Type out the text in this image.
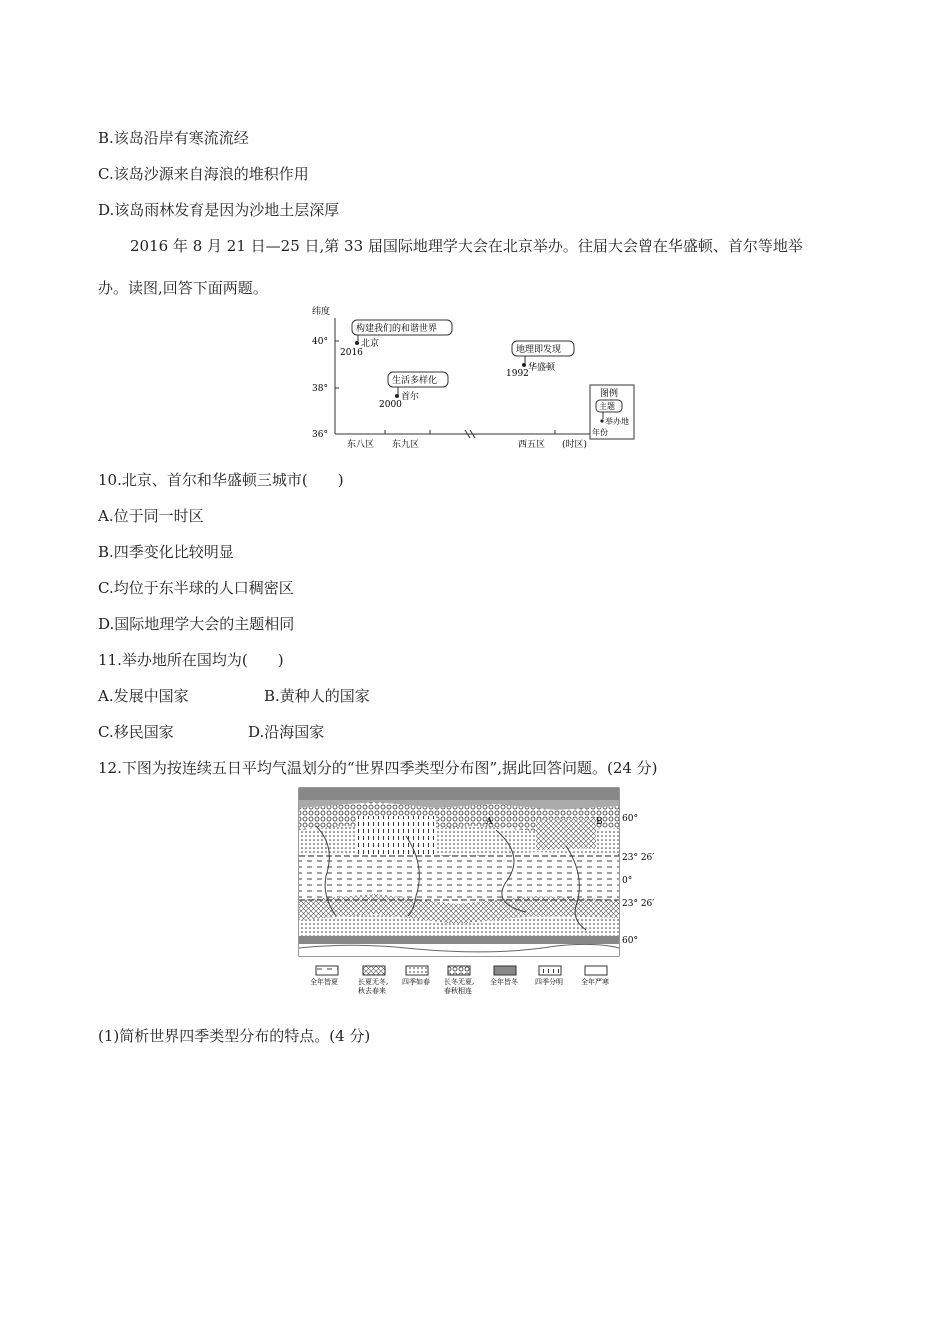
B.该岛沿岸有寒流流经
C.该岛沙源来自海浪的堆积作用
D.该岛雨林发育是因为沙地土层深厚
2016 年 8 月 21 日—25 日,第 33 届国际地理学大会在北京举办。往届大会曾在华盛顿、首尔等地举
办。读图,回答下面两题。
纬度
40°
38°
36°
东八区 东九区	西五区 (时区)
构建我们的和谐世界
北京
2016
生活多样化
首尔
2000
地理即发现
华盛顿
1992
图例
主题
举办地
年份
10.北京、首尔和华盛顿三城市(　　)
A.位于同一时区
B.四季变化比较明显
C.均位于东半球的人口稠密区
D.国际地理学大会的主题相同
11.举办地所在国均为(　　)
A.发展中国家	B.黄种人的国家
C.移民国家	D.沿海国家
12.下图为按连续五日平均气温划分的“世界四季类型分布图”,据此回答问题。(24 分)
A	B 60°
23° 26′
0°
23° 26′
60°
全年皆夏	长夏无冬,
秋去春来
四季如春 长冬无夏,
春秋相连
全年皆冬 四季分明	全年严寒
(1)简析世界四季类型分布的特点。(4 分)
